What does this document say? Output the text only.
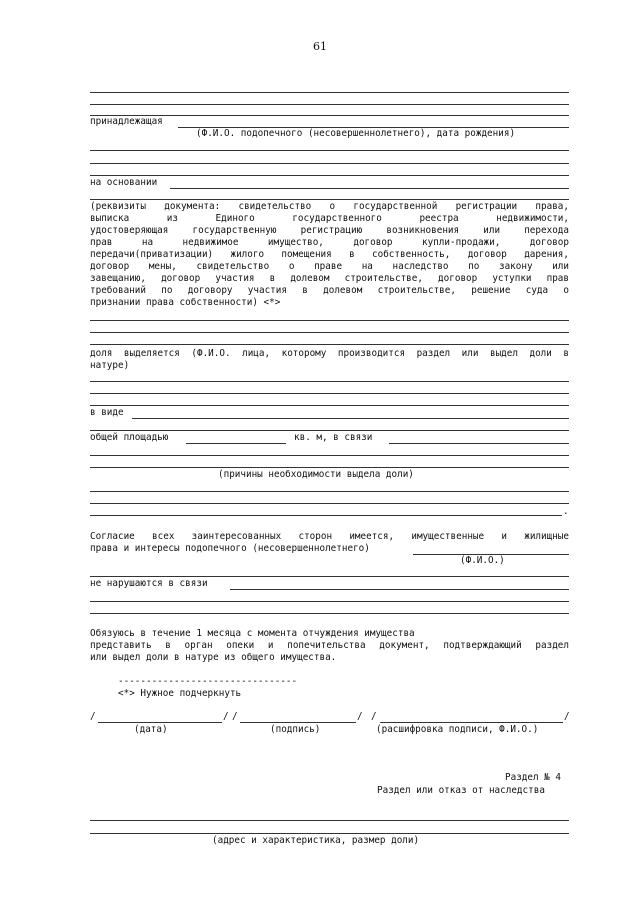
61
принадлежащая
(Ф.И.О. подопечного (несовершеннолетнего), дата рождения)
на основании
(реквизиты документа: свидетельство о государственной регистрации права,
выписка из Единого государственного реестра недвижимости,
удостоверяющая государственную регистрацию возникновения или перехода
прав на недвижимое имущество, договор купли-продажи, договор
передачи(приватизации) жилого помещения в собственность, договор дарения,
договор мены, свидетельство о праве на наследство по закону или
завещанию, договор участия в долевом строительстве, договор уступки прав
требований по договору участия в долевом строительстве, решение суда о
признании права собственности) <*>
доля выделяется (Ф.И.О. лица, которому производится раздел или выдел доли в
натуре)
в виде
общей площадью	кв. м, в связи
(причины необходимости выдела доли)
.
Согласие всех заинтересованных сторон имеется, имущественные и жилищные
права и интересы подопечного (несовершеннолетнего)
(Ф.И.О.)
не нарушаются в связи
Обязуюсь в течение 1 месяца с момента отчуждения имущества
представить в орган опеки и попечительства документ, подтверждающий раздел
или выдел доли в натуре из общего имущества.
--------------------------------
<*> Нужное подчеркнуть
/	/ /	/ /	/
(дата)	(подпись)	(расшифровка подписи, Ф.И.О.)
Раздел № 4
Раздел или отказ от наследства
(адрес и характеристика, размер доли)
